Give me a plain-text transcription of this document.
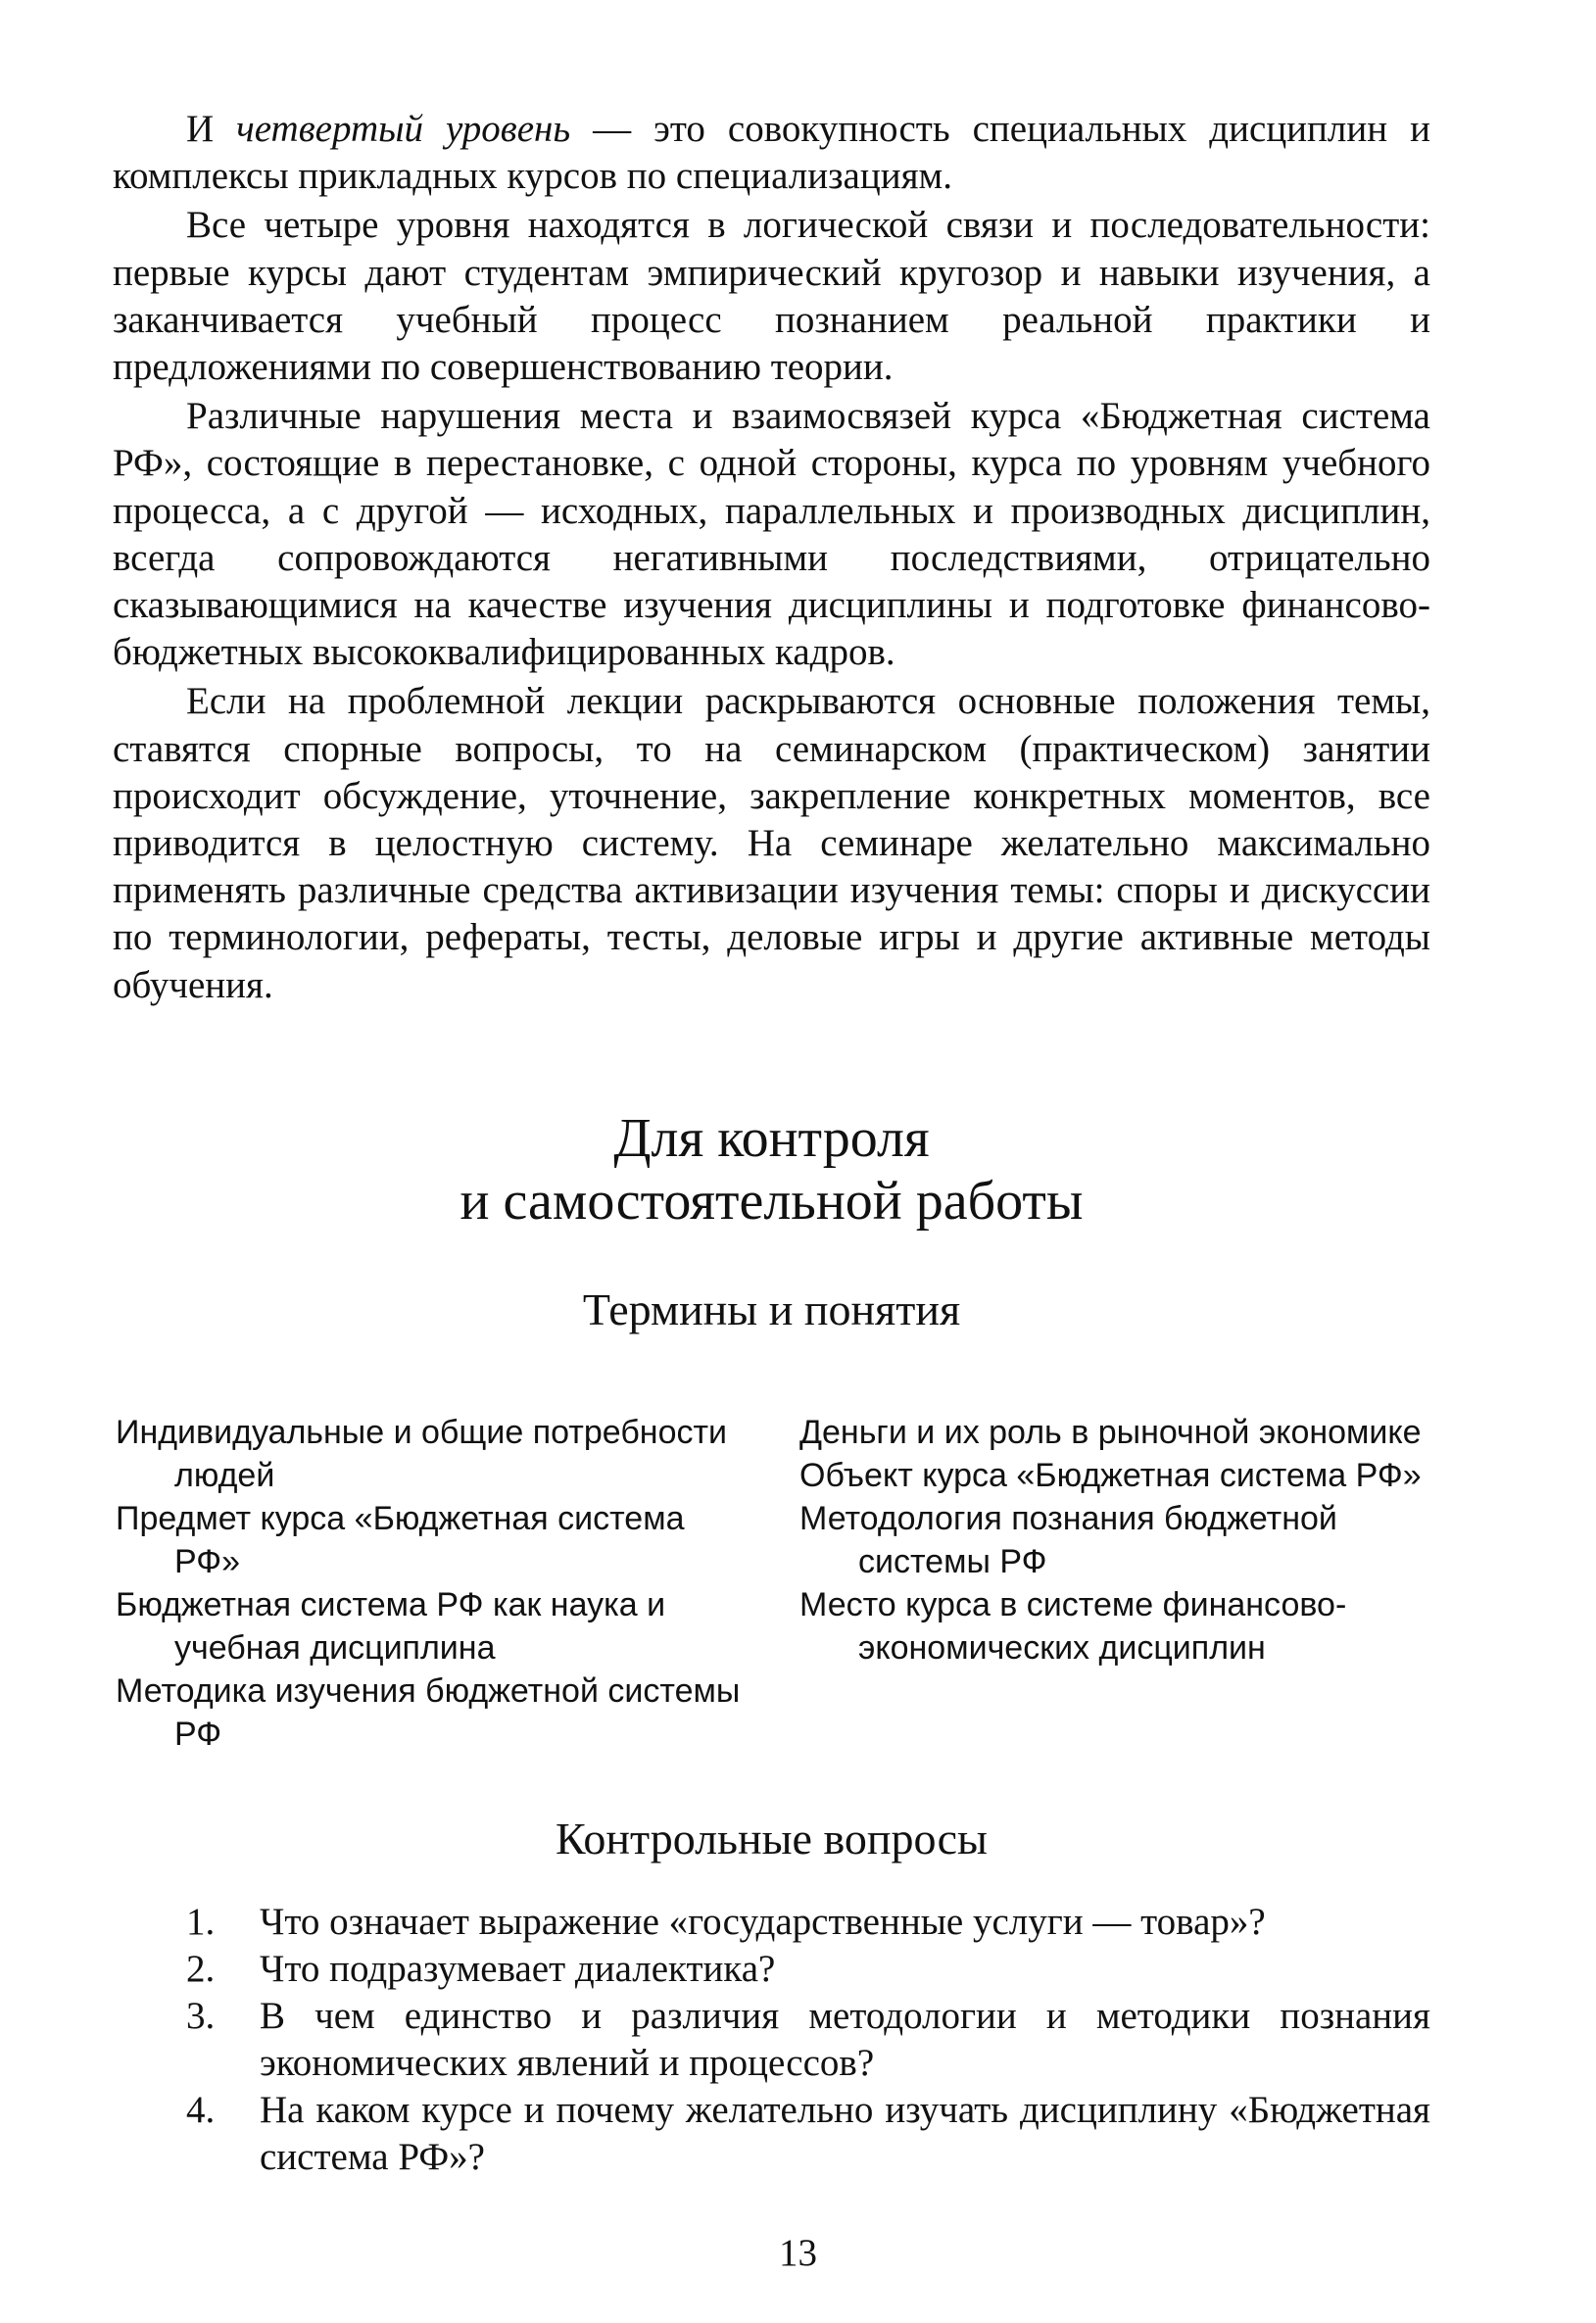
И четвертый уровень — это совокупность специальных дисциплин и комплексы прикладных курсов по специализациям.

Все четыре уровня находятся в логической связи и последовательности: первые курсы дают студентам эмпирический кругозор и навыки изучения, а заканчивается учебный процесс познанием реальной практики и предложениями по совершенствованию теории.

Различные нарушения места и взаимосвязей курса «Бюджетная система РФ», состоящие в перестановке, с одной стороны, курса по уровням учебного процесса, а с другой — исходных, параллельных и производных дисциплин, всегда сопровождаются негативными последствиями, отрицательно сказывающимися на качестве изучения дисциплины и подготовке финансово-бюджетных высококвалифицированных кадров.

Если на проблемной лекции раскрываются основные положения темы, ставятся спорные вопросы, то на семинарском (практическом) занятии происходит обсуждение, уточнение, закрепление конкретных моментов, все приводится в целостную систему. На семинаре желательно максимально применять различные средства активизации изучения темы: споры и дискуссии по терминологии, рефераты, тесты, деловые игры и другие активные методы обучения.

Для контроля
и самостоятельной работы
Термины и понятия
Индивидуальные и общие потребности людей
Предмет курса «Бюджетная система РФ»
Бюджетная система РФ как наука и учебная дисциплина
Методика изучения бюджетной системы РФ
Деньги и их роль в рыночной экономике
Объект курса «Бюджетная система РФ»
Методология познания бюджетной системы РФ
Место курса в системе финансово-экономических дисциплин
Контрольные вопросы
1. Что означает выражение «государственные услуги — товар»?
2. Что подразумевает диалектика?
3. В чем единство и различия методологии и методики познания экономических явлений и процессов?
4. На каком курсе и почему желательно изучать дисциплину «Бюджетная система РФ»?
13
